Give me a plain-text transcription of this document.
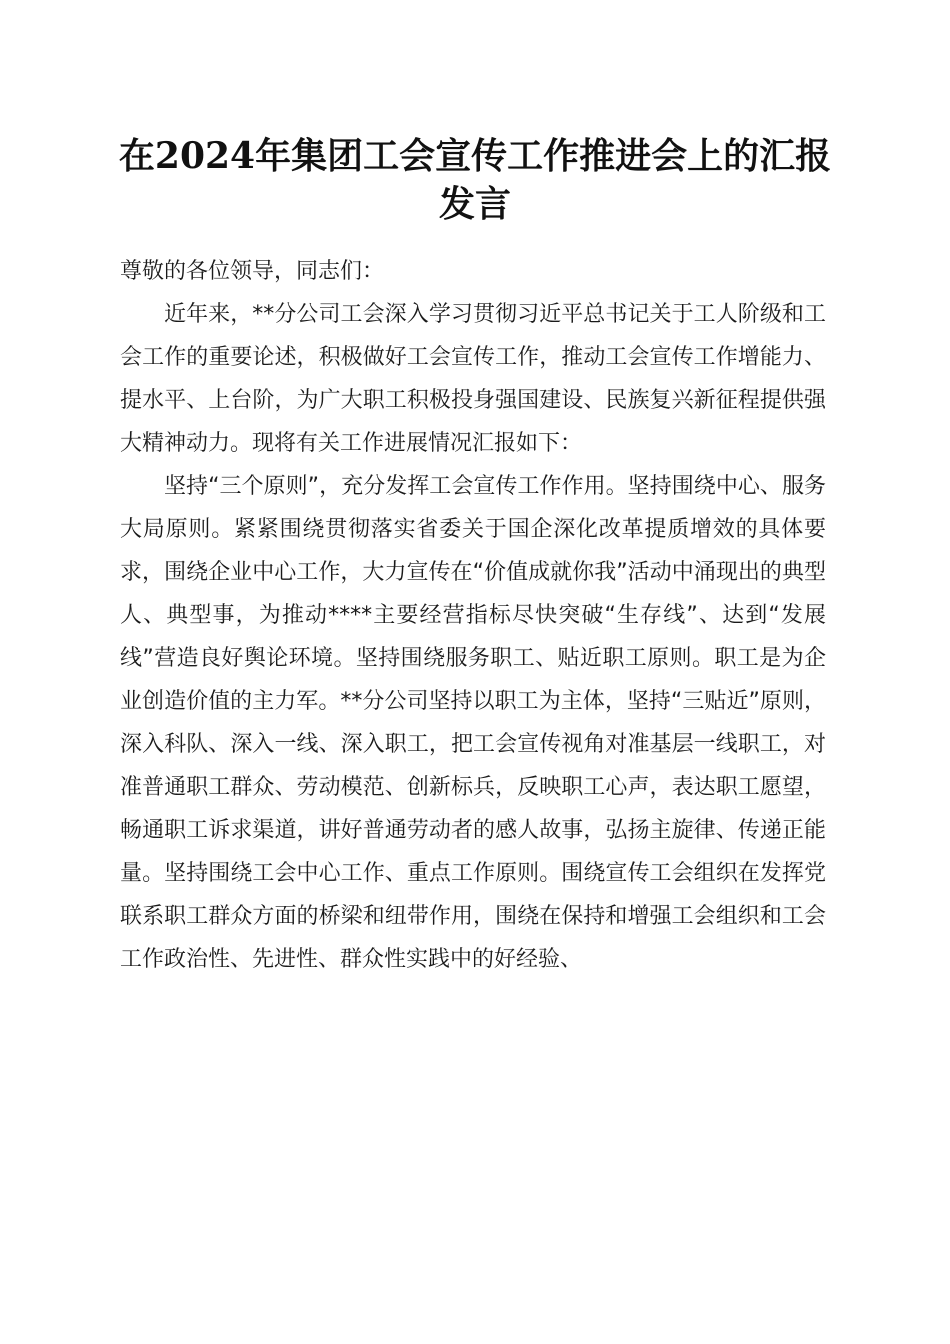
在2024年集团工会宣传工作推进会上的汇报
发言

尊敬的各位领导，同志们：

近年来，**分公司工会深入学习贯彻习近平总书记关于工人阶级和工会工作的重要论述，积极做好工会宣传工作，推动工会宣传工作增能力、提水平、上台阶，为广大职工积极投身强国建设、民族复兴新征程提供强大精神动力。现将有关工作进展情况汇报如下：

坚持“三个原则”，充分发挥工会宣传工作作用。坚持围绕中心、服务大局原则。紧紧围绕贯彻落实省委关于国企深化改革提质增效的具体要求，围绕企业中心工作，大力宣传在“价值成就你我”活动中涌现出的典型人、典型事，为推动****主要经营指标尽快突破“生存线”、达到“发展线”营造良好舆论环境。坚持围绕服务职工、贴近职工原则。职工是为企业创造价值的主力军。**分公司坚持以职工为主体，坚持“三贴近”原则，深入科队、深入一线、深入职工，把工会宣传视角对准基层一线职工，对准普通职工群众、劳动模范、创新标兵，反映职工心声，表达职工愿望，畅通职工诉求渠道，讲好普通劳动者的感人故事，弘扬主旋律、传递正能量。坚持围绕工会中心工作、重点工作原则。围绕宣传工会组织在发挥党联系职工群众方面的桥梁和纽带作用，围绕在保持和增强工会组织和工会工作政治性、先进性、群众性实践中的好经验、
